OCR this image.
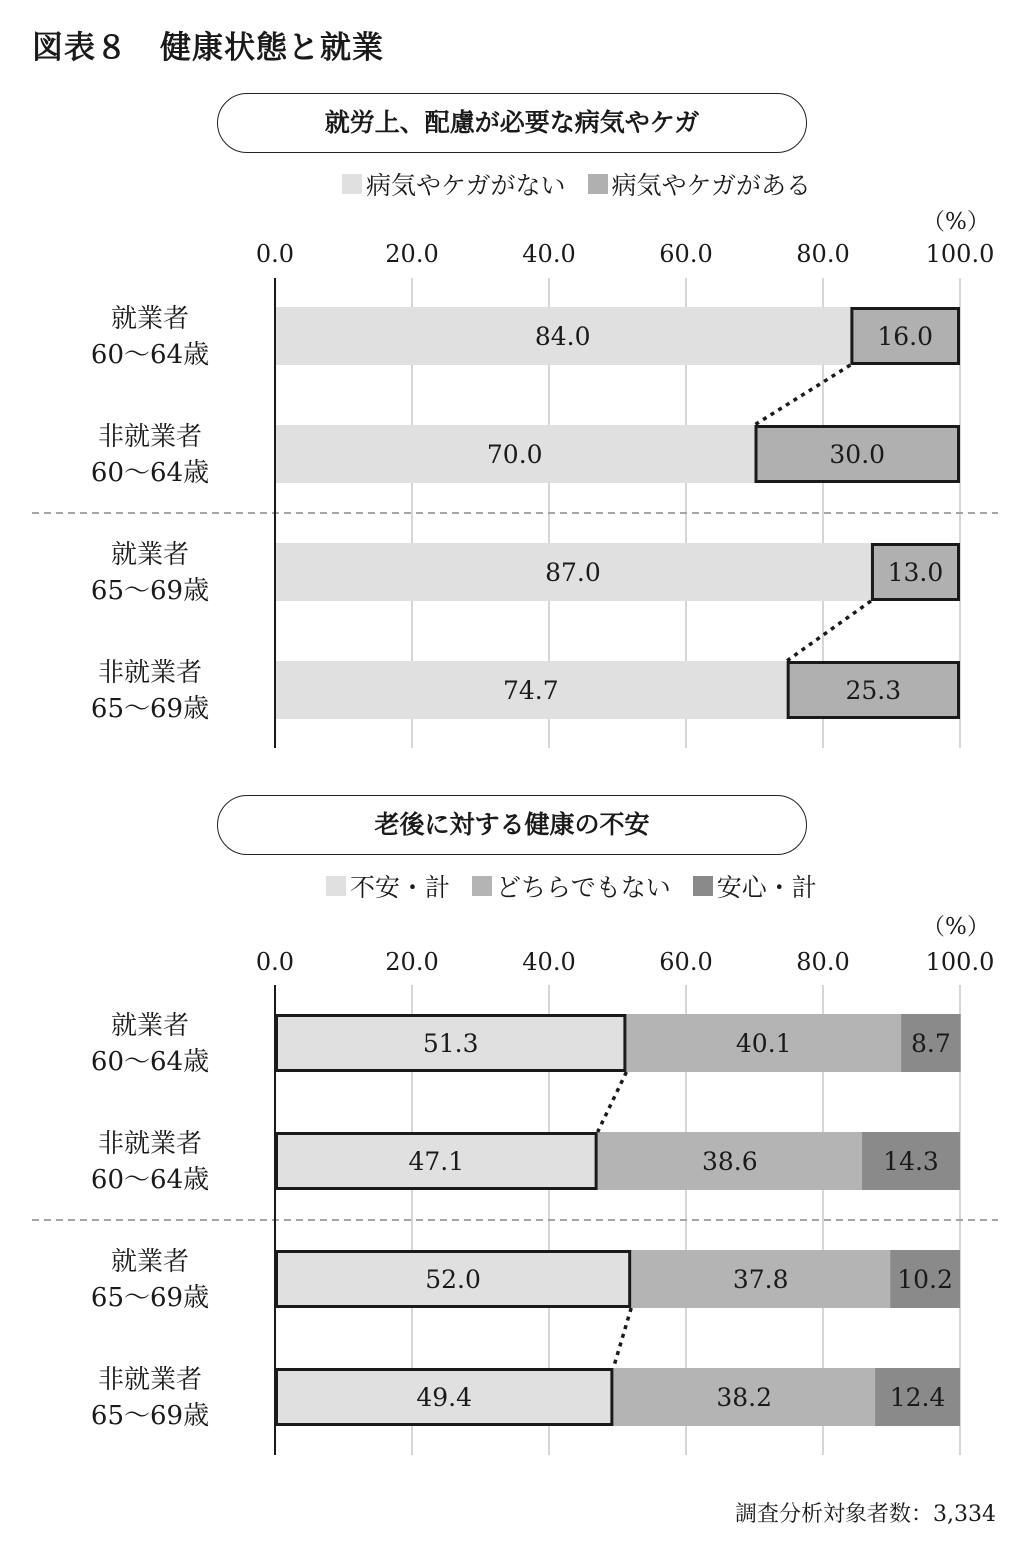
図表８　健康状態と就業
就労上、配慮が必要な病気やケガ
病気やケガがない 病気やケガがある
（%）
老後に対する健康の不安
不安・計 どちらでもない 安心・計
（%）
0.0	20.0	40.0	60.0	80.0	100.0
84.0	16.0
就業者
60〜64歳
70.0	30.0
非就業者
60〜64歳
87.0	13.0
就業者
65〜69歳
74.7	25.3
非就業者
65〜69歳
0.0	20.0	40.0	60.0	80.0	100.0
51.3	40.1	8.7
就業者
60〜64歳
47.1	38.6	14.3
非就業者
60〜64歳
52.0	37.8	10.2
就業者
65〜69歳
49.4	38.2	12.4
非就業者
65〜69歳
調査分析対象者数：3,334
